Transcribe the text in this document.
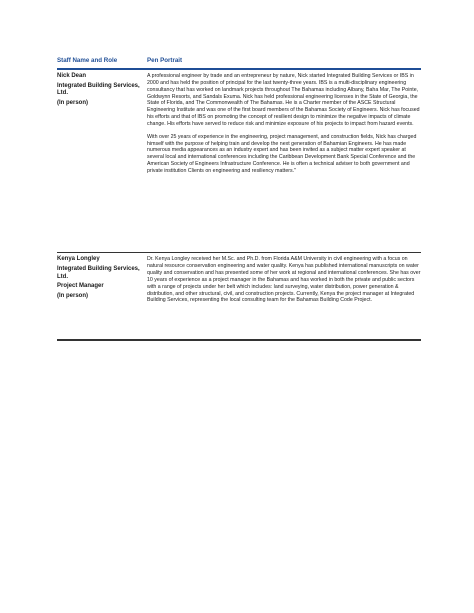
Staff Name and Role	Pen Portrait
Nick Dean
Integrated Building Services, Ltd.
(In person)

A professional engineer by trade and an entrepreneur by nature, Nick started Integrated Building Services or IBS in 2000 and has held the position of principal for the last twenty-three years. IBS is a multi-disciplinary engineering consultancy that has worked on landmark projects throughout The Bahamas including Albany, Baha Mar, The Pointe, Goldwynn Resorts, and Sandals Exuma. Nick has held professional engineering licenses in the State of Georgia, the State of Florida, and The Commonwealth of The Bahamas. He is a Charter member of the ASCE Structural Engineering Institute and was one of the first board members of the Bahamas Society of Engineers. Nick has focused his efforts and that of IBS on promoting the concept of resilient design to minimize the negative impacts of climate change. His efforts have served to reduce risk and minimize exposure of his projects to impact from hazard events.

With over 25 years of experience in the engineering, project management, and construction fields, Nick has charged himself with the purpose of helping train and develop the next generation of Bahamian Engineers. He has made numerous media appearances as an industry expert and has been invited as a subject matter expert speaker at several local and international conferences including the Caribbean Development Bank Special Conference and the American Society of Engineers Infrastructure Conference. He is often a technical adviser to both government and private institution Clients on engineering and resiliency matters."

Kenya Longley
Integrated Building Services, Ltd.
Project Manager
(In person)

Dr. Kenya Longley received her M.Sc. and Ph.D. from Florida A&M University in civil engineering with a focus on natural resource conservation engineering and water quality. Kenya has published international manuscripts on water quality and conservation and has presented some of her work at regional and international conferences. She has over 10 years of experience as a project manager in the Bahamas and has worked in both the private and public sectors with a range of projects under her belt which includes: land surveying, water distribution, power generation & distribution, and other structural, civil, and construction projects. Currently, Kenya the project manager at Integrated Building Services, representing the local consulting team for the Bahamas Building Code Project.
